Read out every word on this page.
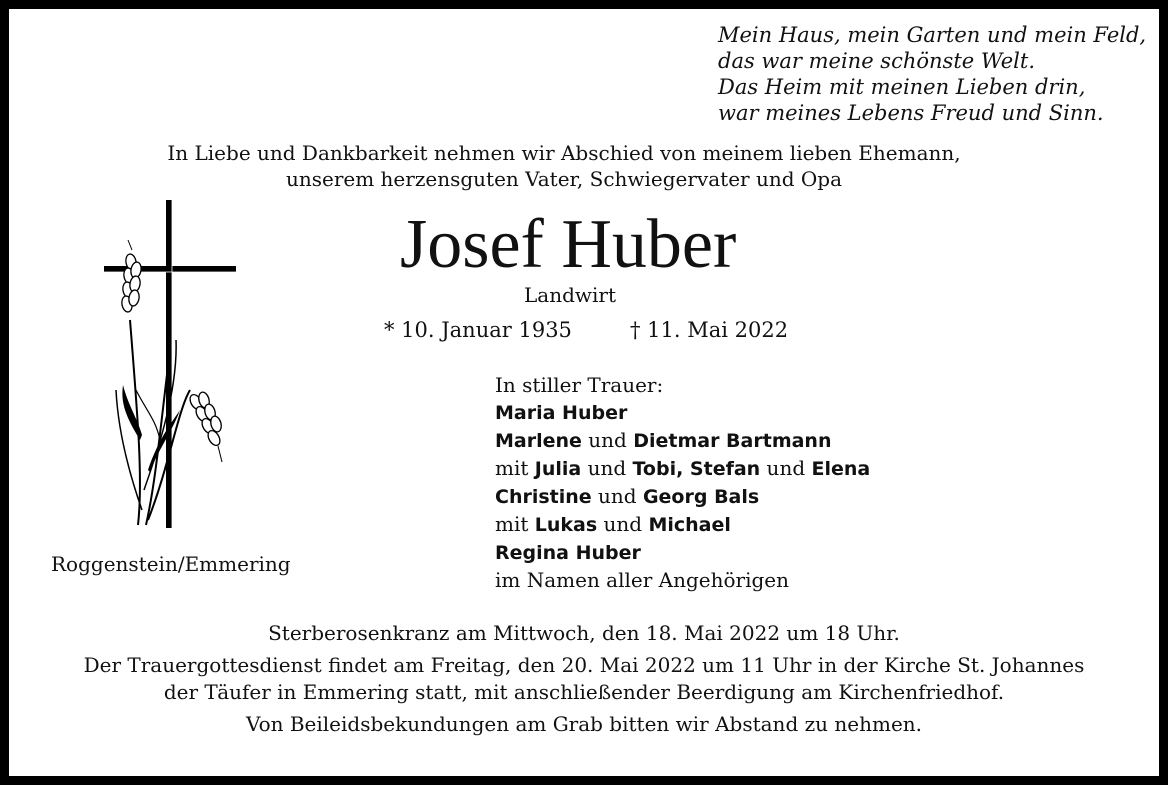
Mein Haus, mein Garten und mein Feld,
das war meine schönste Welt.
Das Heim mit meinen Lieben drin,
war meines Lebens Freud und Sinn.
In Liebe und Dankbarkeit nehmen wir Abschied von meinem lieben Ehemann,
unserem herzensguten Vater, Schwiegervater und Opa
Josef Huber
Landwirt
* 10. Januar 1935	† 11. Mai 2022
Roggenstein/Emmering
In stiller Trauer:
Maria Huber
Marlene und Dietmar Bartmann
mit Julia und Tobi, Stefan und Elena
Christine und Georg Bals
mit Lukas und Michael
Regina Huber
im Namen aller Angehörigen
Sterberosenkranz am Mittwoch, den 18. Mai 2022 um 18 Uhr.
Der Trauergottesdienst findet am Freitag, den 20. Mai 2022 um 11 Uhr in der Kirche St. Johannes
der Täufer in Emmering statt, mit anschließender Beerdigung am Kirchenfriedhof.
Von Beileidsbekundungen am Grab bitten wir Abstand zu nehmen.
